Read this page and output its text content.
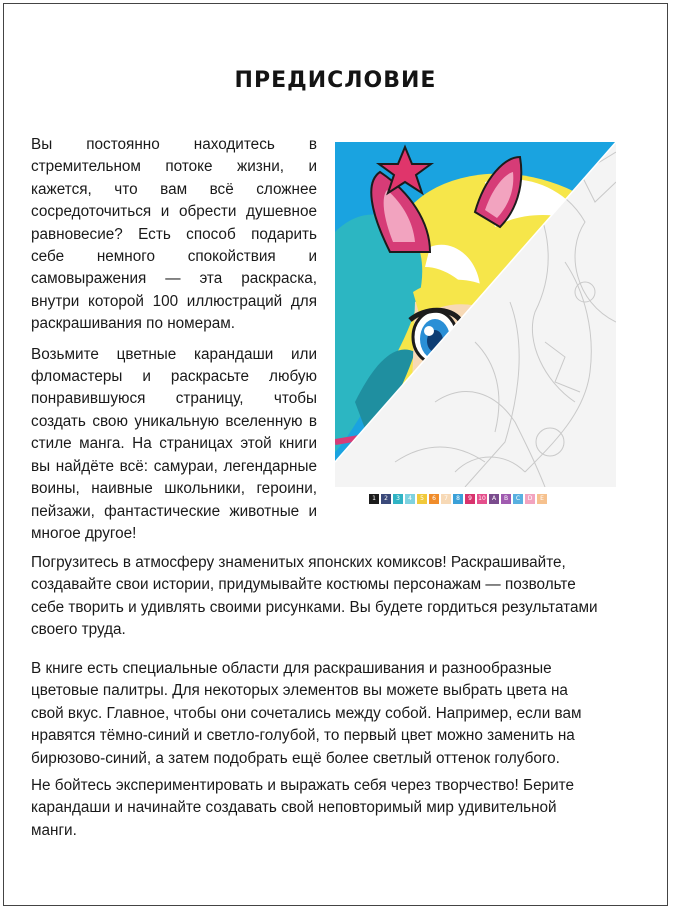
ПРЕДИСЛОВИЕ

Вы постоянно находитесь в стремительном потоке жизни, и кажется, что вам всё сложнее сосредоточиться и обрести душевное равновесие? Есть способ подарить себе немного спокойствия и самовыражения — эта раскраска, внутри которой 100 иллюстраций для раскрашивания по номерам.

Возьмите цветные карандаши или фломастеры и раскрасьте любую понравившуюся страницу, чтобы создать свою уникальную вселенную в стиле манга. На страницах этой книги вы найдёте всё: самураи, легендарные воины, наивные школьники, героини, пейзажи, фантастические животные и многое другое!

1	2	3	4	5	6	7	8	9	10	A	B	C	D	E

Погрузитесь в атмосферу знаменитых японских комиксов! Раскрашивайте, создавайте свои истории, придумывайте костюмы персонажам — позвольте себе творить и удивлять своими рисунками. Вы будете гордиться результатами своего труда.

В книге есть специальные области для раскрашивания и разнообразные цветовые палитры. Для некоторых элементов вы можете выбрать цвета на свой вкус. Главное, чтобы они сочетались между собой. Например, если вам нравятся тёмно-синий и светло-голубой, то первый цвет можно заменить на бирюзово-синий, а затем подобрать ещё более светлый оттенок голубого.

Не бойтесь экспериментировать и выражать себя через творчество! Берите карандаши и начинайте создавать свой неповторимый мир удивительной манги.
